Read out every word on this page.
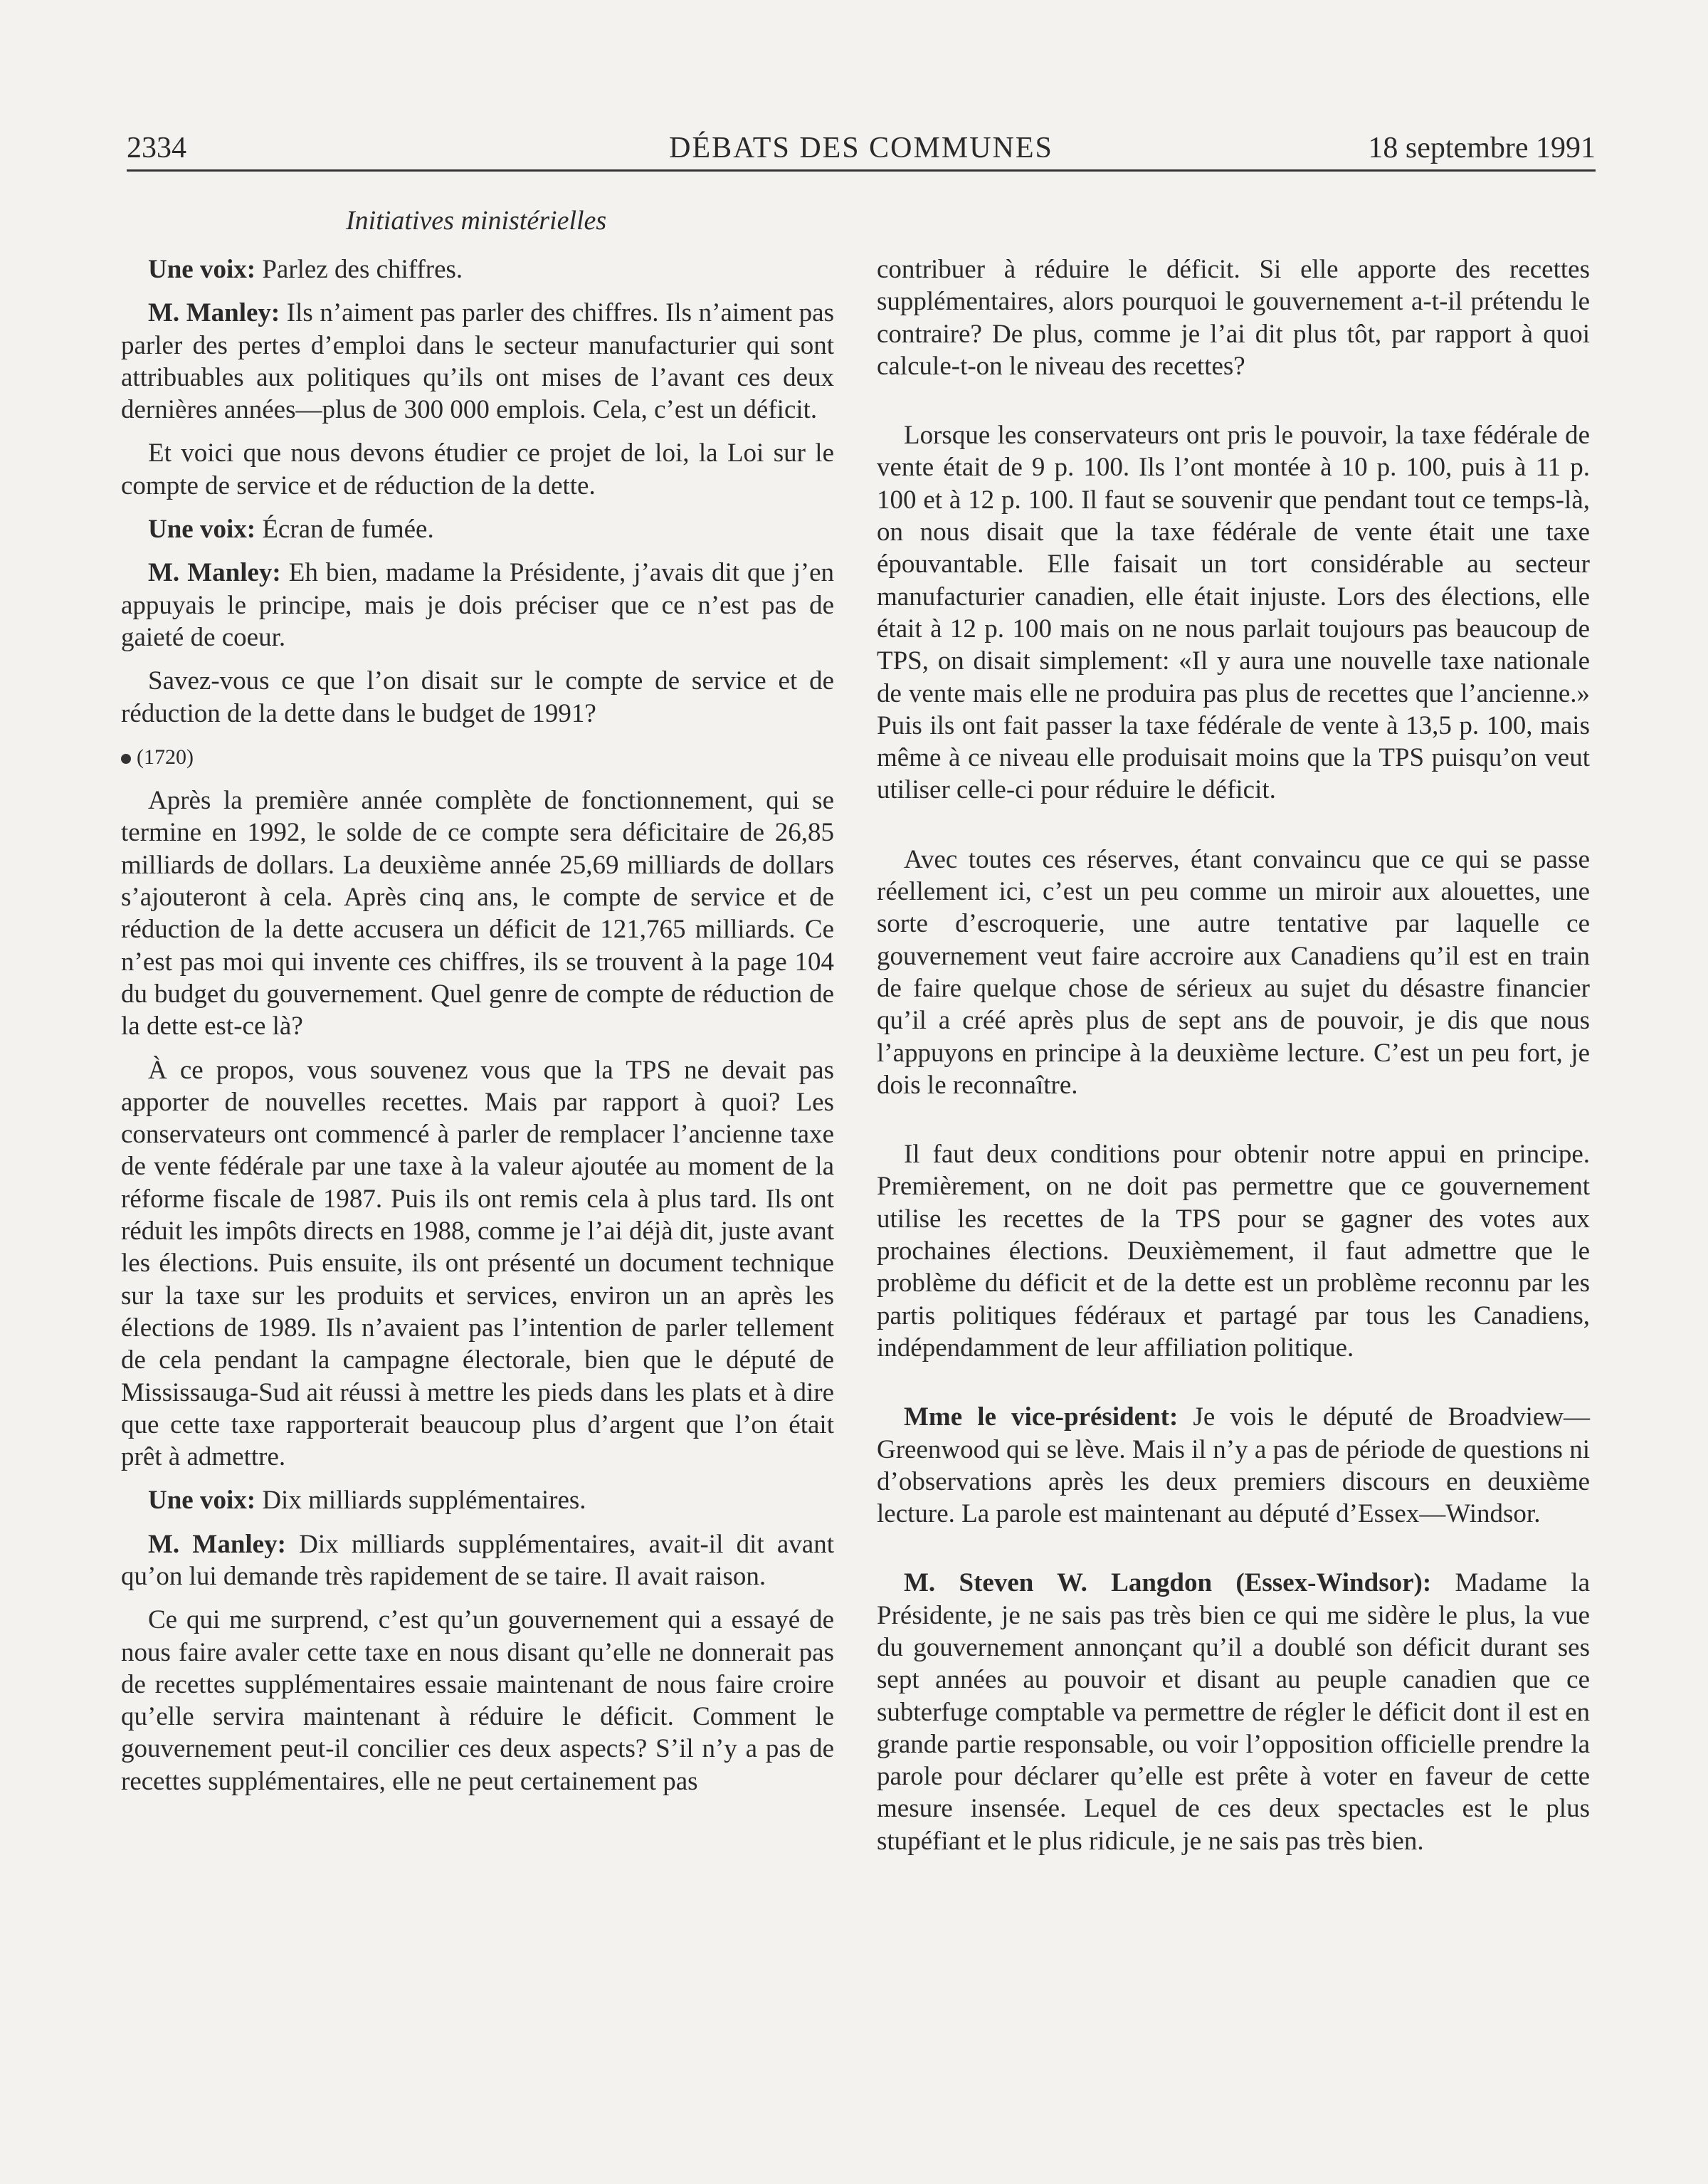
2334	DÉBATS DES COMMUNES	18 septembre 1991
Initiatives ministérielles

Une voix: Parlez des chiffres.

M. Manley: Ils n’aiment pas parler des chiffres. Ils n’aiment pas parler des pertes d’emploi dans le secteur manufacturier qui sont attribuables aux politiques qu’ils ont mises de l’avant ces deux dernières années—plus de 300 000 emplois. Cela, c’est un déficit.

Et voici que nous devons étudier ce projet de loi, la Loi sur le compte de service et de réduction de la dette.

Une voix: Écran de fumée.

M. Manley: Eh bien, madame la Présidente, j’avais dit que j’en appuyais le principe, mais je dois préciser que ce n’est pas de gaieté de coeur.

Savez-vous ce que l’on disait sur le compte de service et de réduction de la dette dans le budget de 1991?

(1720)

Après la première année complète de fonctionnement, qui se termine en 1992, le solde de ce compte sera déficitaire de 26,85 milliards de dollars. La deuxième année 25,69 milliards de dollars s’ajouteront à cela. Après cinq ans, le compte de service et de réduction de la dette accusera un déficit de 121,765 milliards. Ce n’est pas moi qui invente ces chiffres, ils se trouvent à la page 104 du budget du gouvernement. Quel genre de compte de réduction de la dette est-ce là?

À ce propos, vous souvenez vous que la TPS ne devait pas apporter de nouvelles recettes. Mais par rapport à quoi? Les conservateurs ont commencé à parler de remplacer l’ancienne taxe de vente fédérale par une taxe à la valeur ajoutée au moment de la réforme fiscale de 1987. Puis ils ont remis cela à plus tard. Ils ont réduit les impôts directs en 1988, comme je l’ai déjà dit, juste avant les élections. Puis ensuite, ils ont présenté un document technique sur la taxe sur les produits et services, environ un an après les élections de 1989. Ils n’avaient pas l’intention de parler tellement de cela pendant la campagne électorale, bien que le député de Mississauga-Sud ait réussi à mettre les pieds dans les plats et à dire que cette taxe rapporterait beaucoup plus d’argent que l’on était prêt à admettre.

Une voix: Dix milliards supplémentaires.

M. Manley: Dix milliards supplémentaires, avait-il dit avant qu’on lui demande très rapidement de se taire. Il avait raison.

Ce qui me surprend, c’est qu’un gouvernement qui a essayé de nous faire avaler cette taxe en nous disant qu’elle ne donnerait pas de recettes supplémentaires essaie maintenant de nous faire croire qu’elle servira maintenant à réduire le déficit. Comment le gouvernement peut-il concilier ces deux aspects? S’il n’y a pas de recettes supplémentaires, elle ne peut certainement pas

contribuer à réduire le déficit. Si elle apporte des recettes supplémentaires, alors pourquoi le gouvernement a-t-il prétendu le contraire? De plus, comme je l’ai dit plus tôt, par rapport à quoi calcule-t-on le niveau des recettes?

Lorsque les conservateurs ont pris le pouvoir, la taxe fédérale de vente était de 9 p. 100. Ils l’ont montée à 10 p. 100, puis à 11 p. 100 et à 12 p. 100. Il faut se souvenir que pendant tout ce temps-là, on nous disait que la taxe fédérale de vente était une taxe épouvantable. Elle faisait un tort considérable au secteur manufacturier canadien, elle était injuste. Lors des élections, elle était à 12 p. 100 mais on ne nous parlait toujours pas beaucoup de TPS, on disait simplement: «Il y aura une nouvelle taxe nationale de vente mais elle ne produira pas plus de recettes que l’ancienne.» Puis ils ont fait passer la taxe fédérale de vente à 13,5 p. 100, mais même à ce niveau elle produisait moins que la TPS puisqu’on veut utiliser celle-ci pour réduire le déficit.

Avec toutes ces réserves, étant convaincu que ce qui se passe réellement ici, c’est un peu comme un miroir aux alouettes, une sorte d’escroquerie, une autre tentative par laquelle ce gouvernement veut faire accroire aux Canadiens qu’il est en train de faire quelque chose de sérieux au sujet du désastre financier qu’il a créé après plus de sept ans de pouvoir, je dis que nous l’appuyons en principe à la deuxième lecture. C’est un peu fort, je dois le reconnaître.

Il faut deux conditions pour obtenir notre appui en principe. Premièrement, on ne doit pas permettre que ce gouvernement utilise les recettes de la TPS pour se gagner des votes aux prochaines élections. Deuxièmement, il faut admettre que le problème du déficit et de la dette est un problème reconnu par les partis politiques fédéraux et partagé par tous les Canadiens, indépendamment de leur affiliation politique.

Mme le vice-président: Je vois le député de Broadview—Greenwood qui se lève. Mais il n’y a pas de période de questions ni d’observations après les deux premiers discours en deuxième lecture. La parole est maintenant au député d’Essex—Windsor.

M. Steven W. Langdon (Essex-Windsor): Madame la Présidente, je ne sais pas très bien ce qui me sidère le plus, la vue du gouvernement annonçant qu’il a doublé son déficit durant ses sept années au pouvoir et disant au peuple canadien que ce subterfuge comptable va permettre de régler le déficit dont il est en grande partie responsable, ou voir l’opposition officielle prendre la parole pour déclarer qu’elle est prête à voter en faveur de cette mesure insensée. Lequel de ces deux spectacles est le plus stupéfiant et le plus ridicule, je ne sais pas très bien.
